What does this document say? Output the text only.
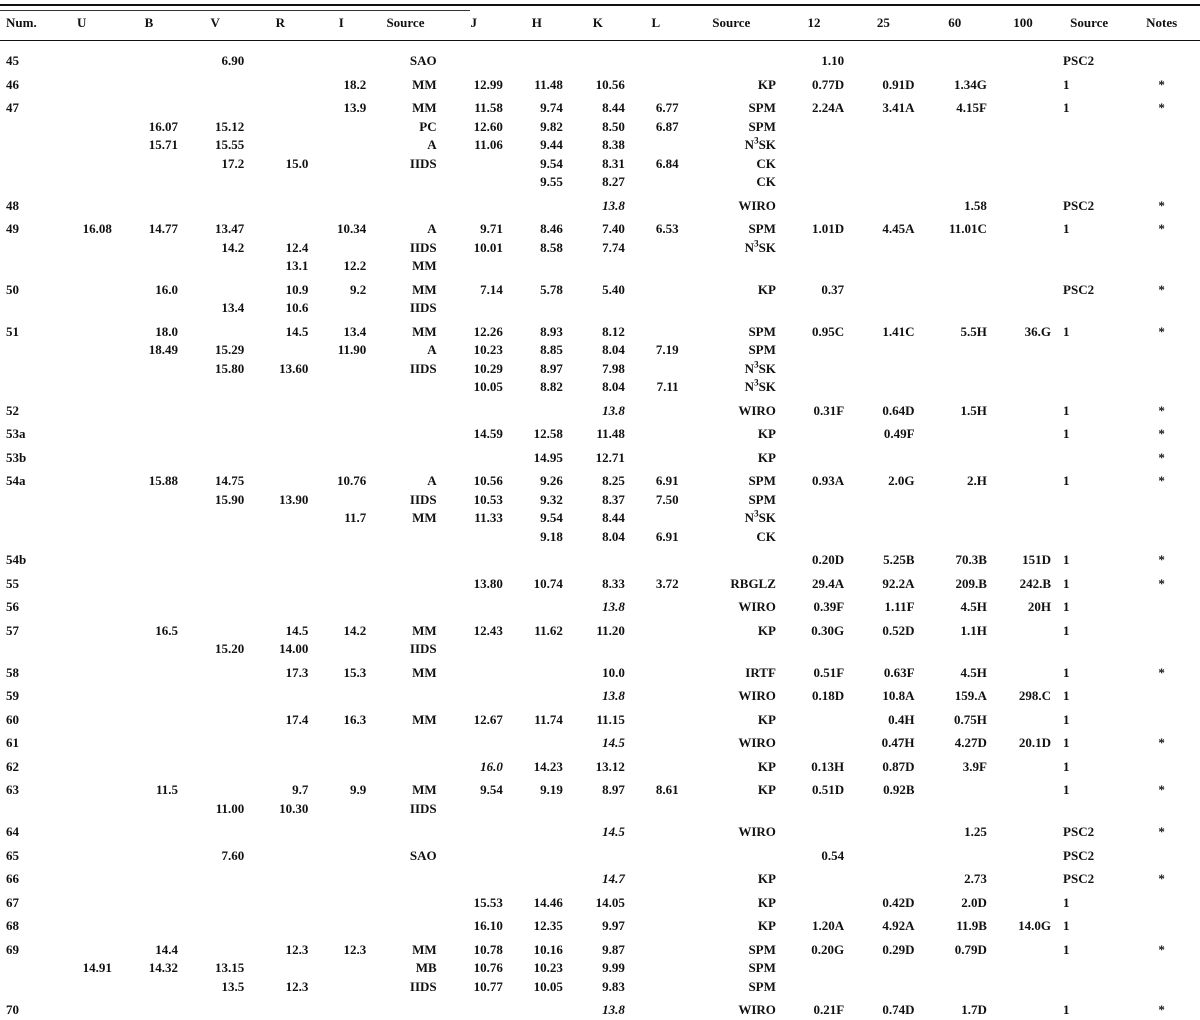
Num.	U	B	V	R	I	Source	J	H	K	L	Source	12	25	60	100	Source	Notes
45			6.90			SAO						1.10				PSC2	
46					18.2	MM	12.99	11.48	10.56		KP	0.77D	0.91D	1.34G		1	*
47					13.9	MM	11.58	9.74	8.44	6.77	SPM	2.24A	3.41A	4.15F		1	*
		16.07	15.12			PC	12.60	9.82	8.50	6.87	SPM						
		15.71	15.55			A	11.06	9.44	8.38		$N^3SK$						
			17.2	15.0		IIDS		9.54	8.31	6.84	CK						
								9.55	8.27		CK						
48									13.8		WIRO			1.58		PSC2	*
49	16.08	14.77	13.47		10.34	A	9.71	8.46	7.40	6.53	SPM	1.01D	4.45A	11.01C		1	*
			14.2	12.4		IIDS	10.01	8.58	7.74		$N^3SK$						
				13.1	12.2	MM											
50		16.0		10.9	9.2	MM	7.14	5.78	5.40		KP	0.37				PSC2	*
			13.4	10.6		IIDS											
51		18.0		14.5	13.4	MM	12.26	8.93	8.12		SPM	0.95C	1.41C	5.5H	36.G	1	*
		18.49	15.29		11.90	A	10.23	8.85	8.04	7.19	SPM						
			15.80	13.60		IIDS	10.29	8.97	7.98		$N^3SK$						
							10.05	8.82	8.04	7.11	$N^3SK$						
52									13.8		WIRO	0.31F	0.64D	1.5H		1	*
53a							14.59	12.58	11.48		KP		0.49F			1	*
53b								14.95	12.71		KP						*
54a		15.88	14.75		10.76	A	10.56	9.26	8.25	6.91	SPM	0.93A	2.0G	2.H		1	*
			15.90	13.90		IIDS	10.53	9.32	8.37	7.50	SPM						
					11.7	MM	11.33	9.54	8.44		$N^3SK$						
								9.18	8.04	6.91	CK						
54b												0.20D	5.25B	70.3B	151D	1	*
55							13.80	10.74	8.33	3.72	RBGLZ	29.4A	92.2A	209.B	242.B	1	*
56									13.8		WIRO	0.39F	1.11F	4.5H	20H	1	
57		16.5		14.5	14.2	MM	12.43	11.62	11.20		KP	0.30G	0.52D	1.1H		1	
			15.20	14.00		IIDS											
58				17.3	15.3	MM			10.0		IRTF	0.51F	0.63F	4.5H		1	*
59									13.8		WIRO	0.18D	10.8A	159.A	298.C	1	
60				17.4	16.3	MM	12.67	11.74	11.15		KP		0.4H	0.75H		1	
61									14.5		WIRO		0.47H	4.27D	20.1D	1	*
62							16.0	14.23	13.12		KP	0.13H	0.87D	3.9F		1	
63		11.5		9.7	9.9	MM	9.54	9.19	8.97	8.61	KP	0.51D	0.92B			1	*
			11.00	10.30		IIDS											
64									14.5		WIRO			1.25		PSC2	*
65			7.60			SAO						0.54				PSC2	
66									14.7		KP			2.73		PSC2	*
67							15.53	14.46	14.05		KP		0.42D	2.0D		1	
68							16.10	12.35	9.97		KP	1.20A	4.92A	11.9B	14.0G	1	
69		14.4		12.3	12.3	MM	10.78	10.16	9.87		SPM	0.20G	0.29D	0.79D		1	*
	14.91	14.32	13.15			MB	10.76	10.23	9.99		SPM						
			13.5	12.3		IIDS	10.77	10.05	9.83		SPM						
70									13.8		WIRO	0.21F	0.74D	1.7D		1	*
